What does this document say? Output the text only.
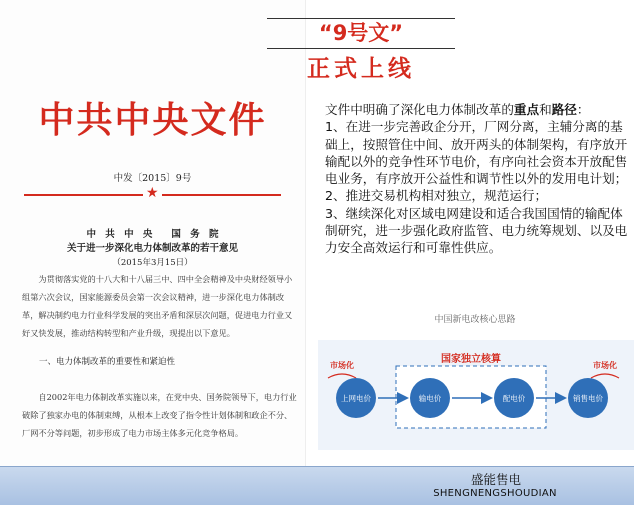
中共中央文件
中发〔2015〕9号
★
中 共 中 央　　国 务 院
关于进一步深化电力体制改革的若干意见
（2015年3月15日）

为贯彻落实党的十八大和十八届三中、四中全会精神及中央财经领导小组第六次会议，国家能源委员会第一次会议精神，进一步深化电力体制改革，解决制约电力行业科学发展的突出矛盾和深层次问题，促进电力行业又好又快发展，推动结构转型和产业升级，现提出以下意见。

一、电力体制改革的重要性和紧迫性

自2002年电力体制改革实施以来，在党中央、国务院领导下，电力行业破除了独家办电的体制束缚，从根本上改变了指令性计划体制和政企不分、厂网不分等问题，初步形成了电力市场主体多元化竞争格局。

“9号文”
正式上线

文件中明确了深化电力体制改革的重点和路径：

1、在进一步完善政企分开，厂网分离，主辅分离的基础上，按照管住中间、放开两头的体制架构，有序放开输配以外的竞争性环节电价，有序向社会资本开放配售电业务，有序放开公益性和调节性以外的发用电计划；

2、推进交易机构相对独立，规范运行；

3、继续深化对区域电网建设和适合我国国情的输配体制研究，进一步强化政府监管、电力统筹规划、以及电力安全高效运行和可靠性供应。

中国新电改核心思路
国家独立核算
市场化	市场化
上网电价	输电价	配电价	销售电价
盛能售电
SHENGNENGSHOUDIAN
